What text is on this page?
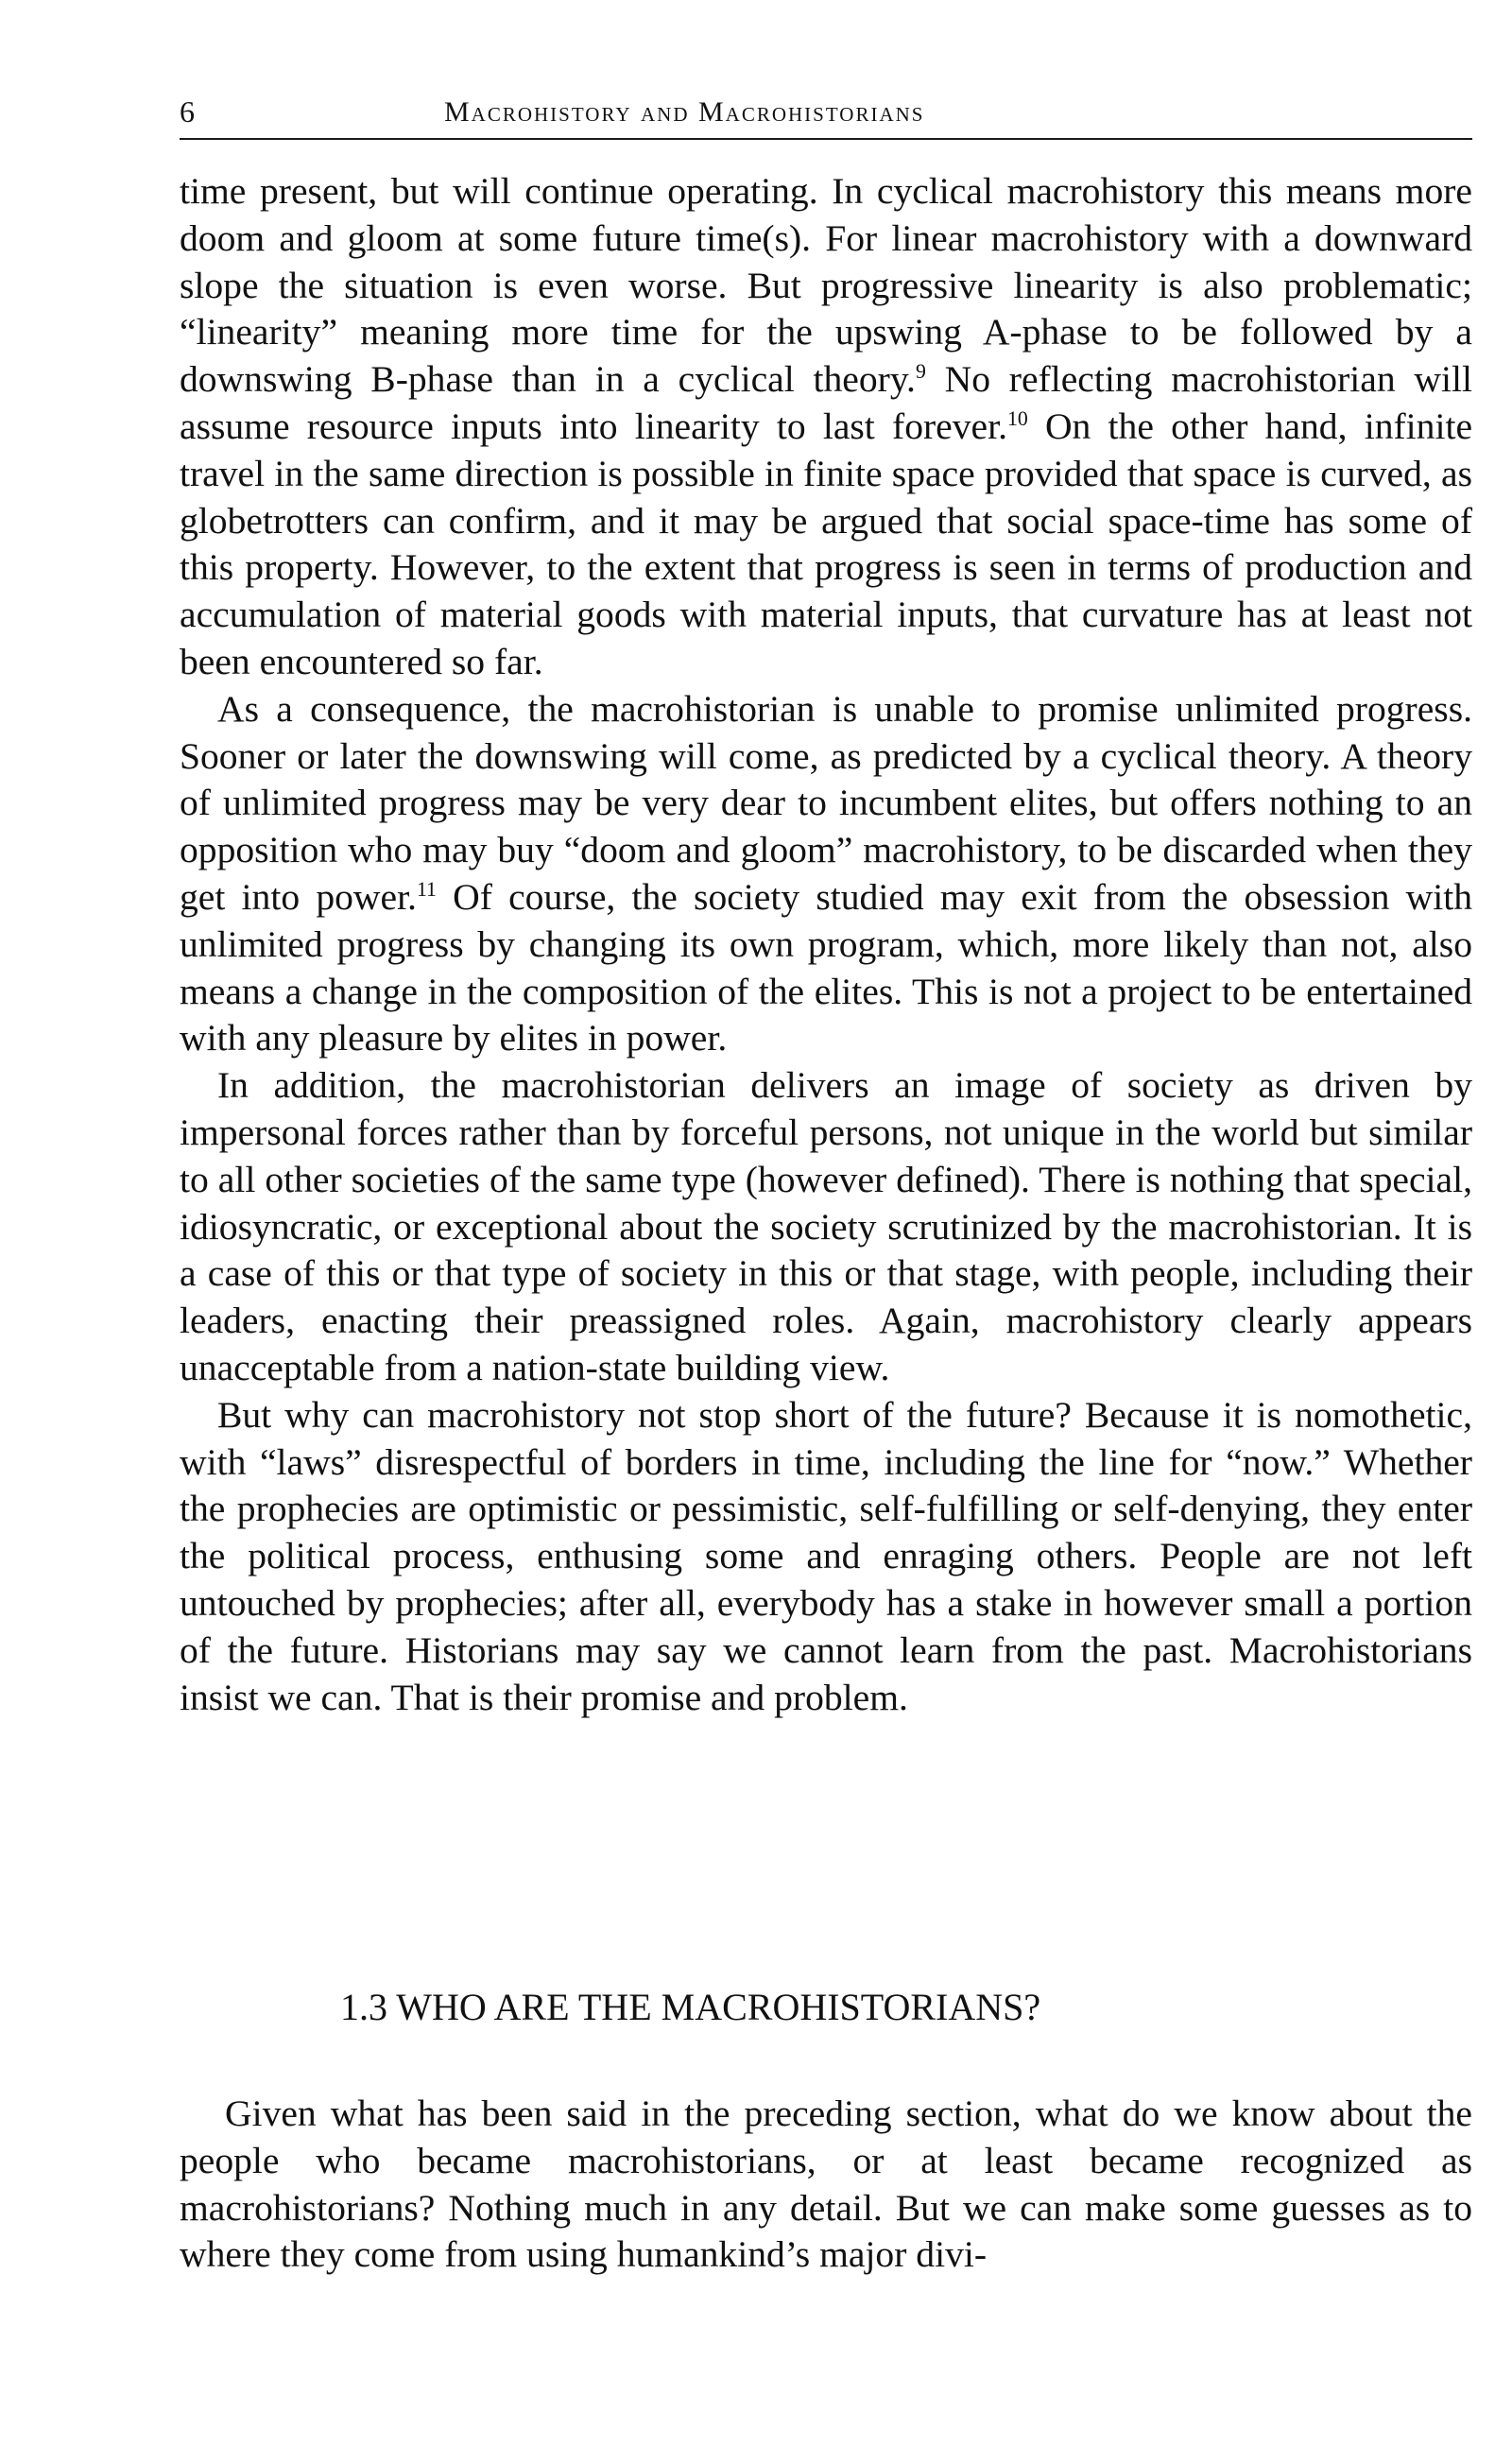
6	Macrohistory and Macrohistorians

time present, but will continue operating. In cyclical macrohistory this means more doom and gloom at some future time(s). For linear macrohistory with a downward slope the situation is even worse. But progressive linearity is also problematic; “linearity” meaning more time for the upswing A-phase to be followed by a downswing B-phase than in a cyclical theory.$^9$ No reflecting macrohistorian will assume resource inputs into linearity to last forever.$^{10}$ On the other hand, infinite travel in the same direction is possible in finite space provided that space is curved, as globetrotters can confirm, and it may be argued that social space-time has some of this property. However, to the extent that progress is seen in terms of production and accumulation of material goods with material inputs, that curvature has at least not been encountered so far.

As a consequence, the macrohistorian is unable to promise unlimited progress. Sooner or later the downswing will come, as predicted by a cyclical theory. A theory of unlimited progress may be very dear to incumbent elites, but offers nothing to an opposition who may buy “doom and gloom” macrohistory, to be discarded when they get into power.$^{11}$ Of course, the society studied may exit from the obsession with unlimited progress by changing its own program, which, more likely than not, also means a change in the composition of the elites. This is not a project to be entertained with any pleasure by elites in power.

In addition, the macrohistorian delivers an image of society as driven by impersonal forces rather than by forceful persons, not unique in the world but similar to all other societies of the same type (however defined). There is nothing that special, idiosyncratic, or exceptional about the society scrutinized by the macrohistorian. It is a case of this or that type of society in this or that stage, with people, including their leaders, enacting their preassigned roles. Again, macrohistory clearly appears unacceptable from a nation-state building view.

But why can macrohistory not stop short of the future? Because it is nomothetic, with “laws” disrespectful of borders in time, including the line for “now.” Whether the prophecies are optimistic or pessimistic, self-fulfilling or self-denying, they enter the political process, enthusing some and enraging others. People are not left untouched by prophecies; after all, everybody has a stake in however small a portion of the future. Historians may say we cannot learn from the past. Macrohistorians insist we can. That is their promise and problem.

1.3 WHO ARE THE MACROHISTORIANS?

Given what has been said in the preceding section, what do we know about the people who became macrohistorians, or at least became recognized as macrohistorians? Nothing much in any detail. But we can make some guesses as to where they come from using humankind’s major divi-
